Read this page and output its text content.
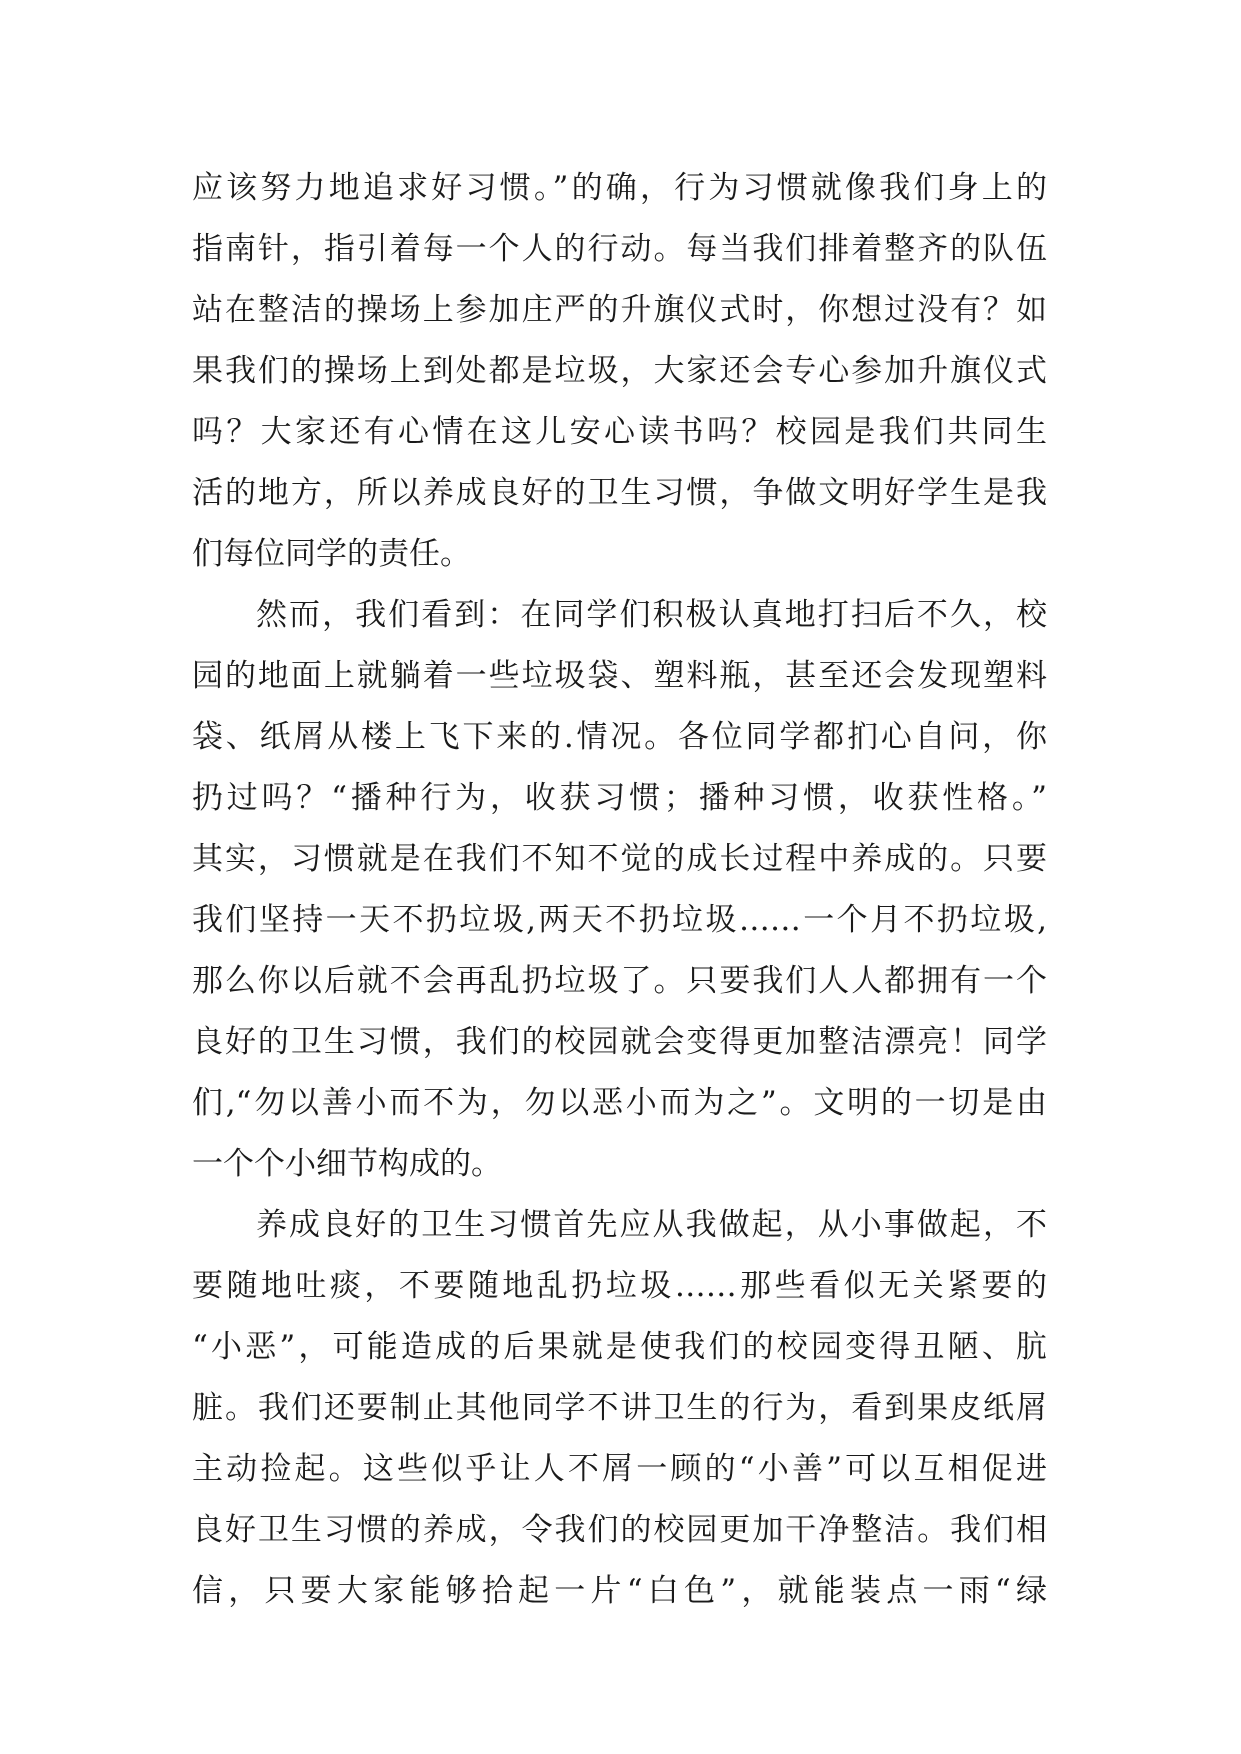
应该努力地追求好习惯。”的确，行为习惯就像我们身上的
指南针，指引着每一个人的行动。每当我们排着整齐的队伍
站在整洁的操场上参加庄严的升旗仪式时，你想过没有？如
果我们的操场上到处都是垃圾，大家还会专心参加升旗仪式
吗？大家还有心情在这儿安心读书吗？校园是我们共同生
活的地方，所以养成良好的卫生习惯，争做文明好学生是我
们每位同学的责任。
然而，我们看到：在同学们积极认真地打扫后不久，校
园的地面上就躺着一些垃圾袋、塑料瓶，甚至还会发现塑料
袋、纸屑从楼上飞下来的.情况。各位同学都扪心自问，你
扔过吗？“播种行为，收获习惯；播种习惯，收获性格。”
其实，习惯就是在我们不知不觉的成长过程中养成的。只要
我们坚持一天不扔垃圾,两天不扔垃圾……一个月不扔垃圾,
那么你以后就不会再乱扔垃圾了。只要我们人人都拥有一个
良好的卫生习惯，我们的校园就会变得更加整洁漂亮！同学
们,“勿以善小而不为，勿以恶小而为之”。文明的一切是由
一个个小细节构成的。
养成良好的卫生习惯首先应从我做起，从小事做起，不
要随地吐痰，不要随地乱扔垃圾……那些看似无关紧要的
“小恶”，可能造成的后果就是使我们的校园变得丑陋、肮
脏。我们还要制止其他同学不讲卫生的行为，看到果皮纸屑
主动捡起。这些似乎让人不屑一顾的“小善”可以互相促进
良好卫生习惯的养成，令我们的校园更加干净整洁。我们相
信，只要大家能够拾起一片“白色”，就能装点一雨“绿
